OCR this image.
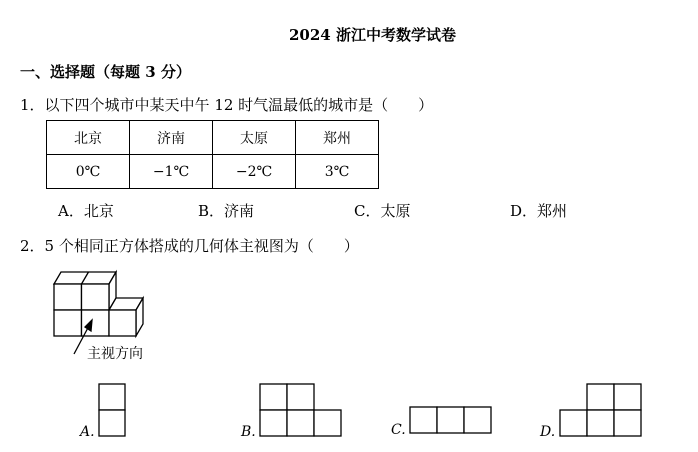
2024 浙江中考数学试卷
一、选择题（每题 3 分）
1．以下四个城市中某天中午 12 时气温最低的城市是（　　）
北京	济南	太原	郑州
0℃	−1℃	−2℃	3℃
A．北京	B．济南	C．太原	D．郑州
2．5 个相同正方体搭成的几何体主视图为（　　）
主视方向
A.	B.	C.	D.
